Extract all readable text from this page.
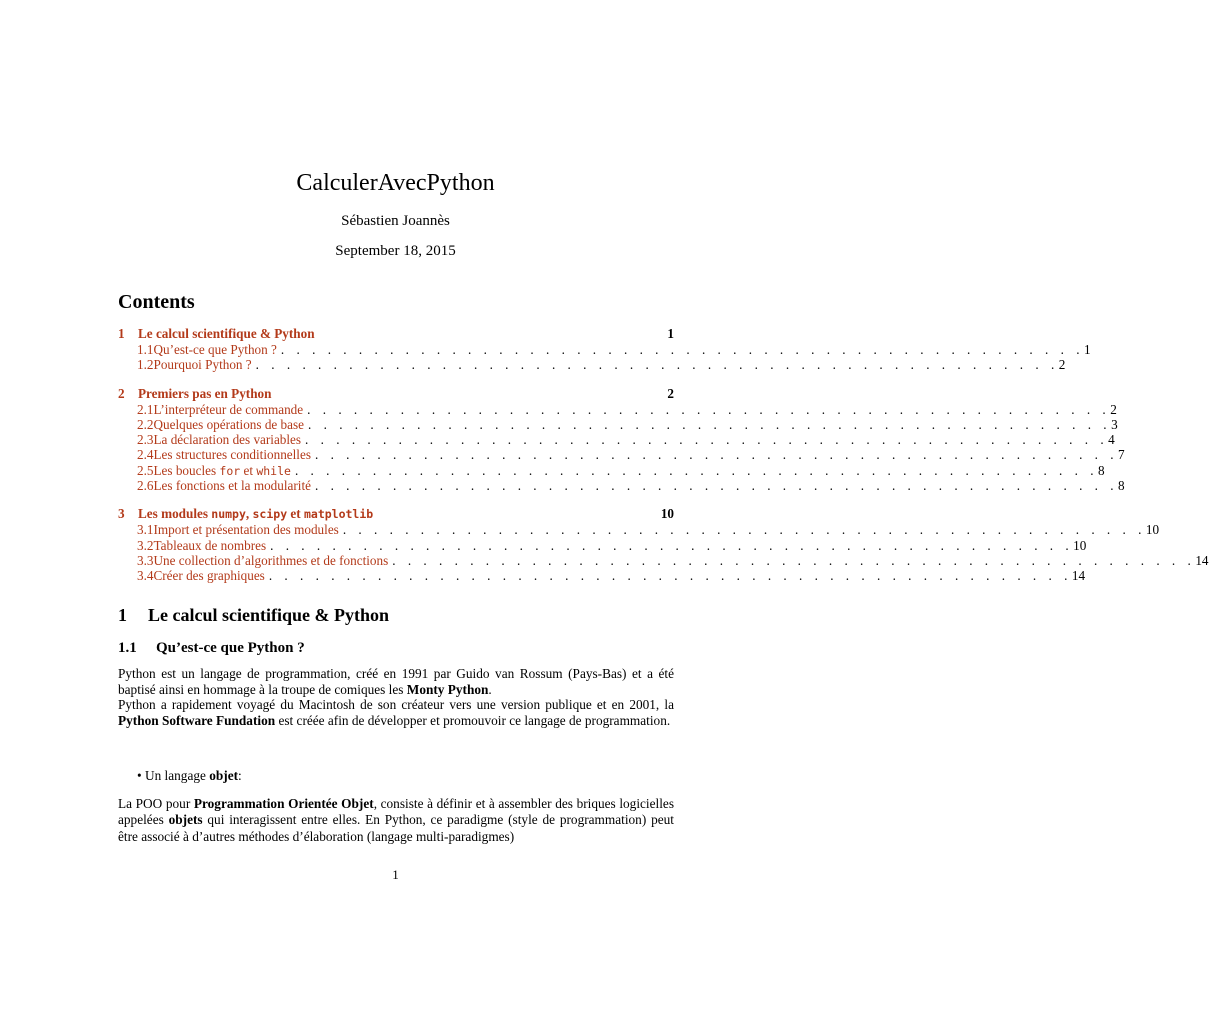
CalculerAvecPython
Sébastien Joannès
September 18, 2015
Contents
1	Le calcul scientifique & Python	1
1.1 Qu’est-ce que Python ? . . . . . . . . . . . . . . . . . . . . . . . . . . . . . . . . . . . . . . . . . . . . . . . . . . . . 1
1.2 Pourquoi Python ? . . . . . . . . . . . . . . . . . . . . . . . . . . . . . . . . . . . . . . . . . . . . . . . . . . . . 2
2	Premiers pas en Python	2
2.1 L’interpréteur de commande . . . . . . . . . . . . . . . . . . . . . . . . . . . . . . . . . . . . . . . . . . . . . . . . . . . . 2
2.2 Quelques opérations de base . . . . . . . . . . . . . . . . . . . . . . . . . . . . . . . . . . . . . . . . . . . . . . . . . . . . 3
2.3 La déclaration des variables . . . . . . . . . . . . . . . . . . . . . . . . . . . . . . . . . . . . . . . . . . . . . . . . . . . . 4
2.4 Les structures conditionnelles . . . . . . . . . . . . . . . . . . . . . . . . . . . . . . . . . . . . . . . . . . . . . . . . . . . . 7
2.5 Les boucles for et while . . . . . . . . . . . . . . . . . . . . . . . . . . . . . . . . . . . . . . . . . . . . . . . . . . . . 8
2.6 Les fonctions et la modularité . . . . . . . . . . . . . . . . . . . . . . . . . . . . . . . . . . . . . . . . . . . . . . . . . . . . 8
3	Les modules numpy, scipy et matplotlib	10
3.1 Import et présentation des modules . . . . . . . . . . . . . . . . . . . . . . . . . . . . . . . . . . . . . . . . . . . . . . . . . . . . 10
3.2 Tableaux de nombres . . . . . . . . . . . . . . . . . . . . . . . . . . . . . . . . . . . . . . . . . . . . . . . . . . . . 10
3.3 Une collection d’algorithmes et de fonctions . . . . . . . . . . . . . . . . . . . . . . . . . . . . . . . . . . . . . . . . . . . . . . . . . . . . 14
3.4 Créer des graphiques . . . . . . . . . . . . . . . . . . . . . . . . . . . . . . . . . . . . . . . . . . . . . . . . . . . . 14
1 Le calcul scientifique & Python
1.1 Qu’est-ce que Python ?
Python est un langage de programmation, créé en 1991 par Guido van Rossum (Pays-Bas) et a été baptisé ainsi en hommage à la troupe de comiques les Monty Python.
Python a rapidement voyagé du Macintosh de son créateur vers une version publique et en 2001, la Python Software Fundation est créée afin de développer et promouvoir ce langage de programmation.
• Un langage objet:
La POO pour Programmation Orientée Objet, consiste à définir et à assembler des briques logicielles appelées objets qui interagissent entre elles. En Python, ce paradigme (style de programmation) peut être associé à d’autres méthodes d’élaboration (langage multi-paradigmes)
1
